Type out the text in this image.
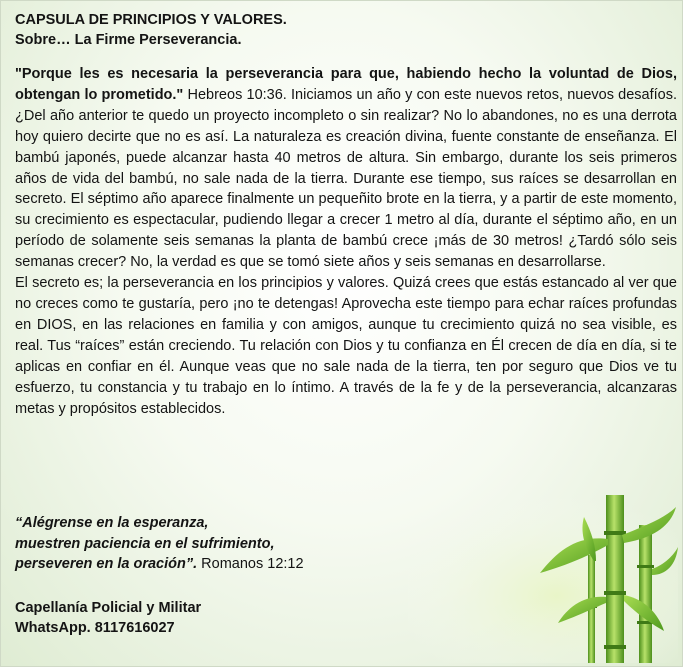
CAPSULA DE PRINCIPIOS Y VALORES.
Sobre… La Firme Perseverancia.

"Porque les es necesaria la perseverancia para que, habiendo hecho la voluntad de Dios, obtengan lo prometido." Hebreos 10:36. Iniciamos un año y con este nuevos retos, nuevos desafíos. ¿Del año anterior te quedo un proyecto incompleto o sin realizar? No lo abandones, no es una derrota hoy quiero decirte que no es así. La naturaleza es creación divina, fuente constante de enseñanza. El bambú japonés, puede alcanzar hasta 40 metros de altura. Sin embargo, durante los seis primeros años de vida del bambú, no sale nada de la tierra. Durante ese tiempo, sus raíces se desarrollan en secreto. El séptimo año aparece finalmente un pequeñito brote en la tierra, y a partir de este momento, su crecimiento es espectacular, pudiendo llegar a crecer 1 metro al día, durante el séptimo año, en un período de solamente seis semanas la planta de bambú crece ¡más de 30 metros! ¿Tardó sólo seis semanas crecer? No, la verdad es que se tomó siete años y seis semanas en desarrollarse.

El secreto es; la perseverancia en los principios y valores. Quizá crees que estás estancado al ver que no creces como te gustaría, pero ¡no te detengas! Aprovecha este tiempo para echar raíces profundas en DIOS, en las relaciones en familia y con amigos, aunque tu crecimiento quizá no sea visible, es real. Tus “raíces” están creciendo. Tu relación con Dios y tu confianza en Él crecen de día en día, si te aplicas en confiar en él. Aunque veas que no sale nada de la tierra, ten por seguro que Dios ve tu esfuerzo, tu constancia y tu trabajo en lo íntimo. A través de la fe y de la perseverancia, alcanzaras metas y propósitos establecidos.

“Alégrense en la esperanza,
muestren paciencia en el sufrimiento,
perseveren en la oración”. Romanos 12:12
Capellanía Policial y Militar
WhatsApp. 8117616027
